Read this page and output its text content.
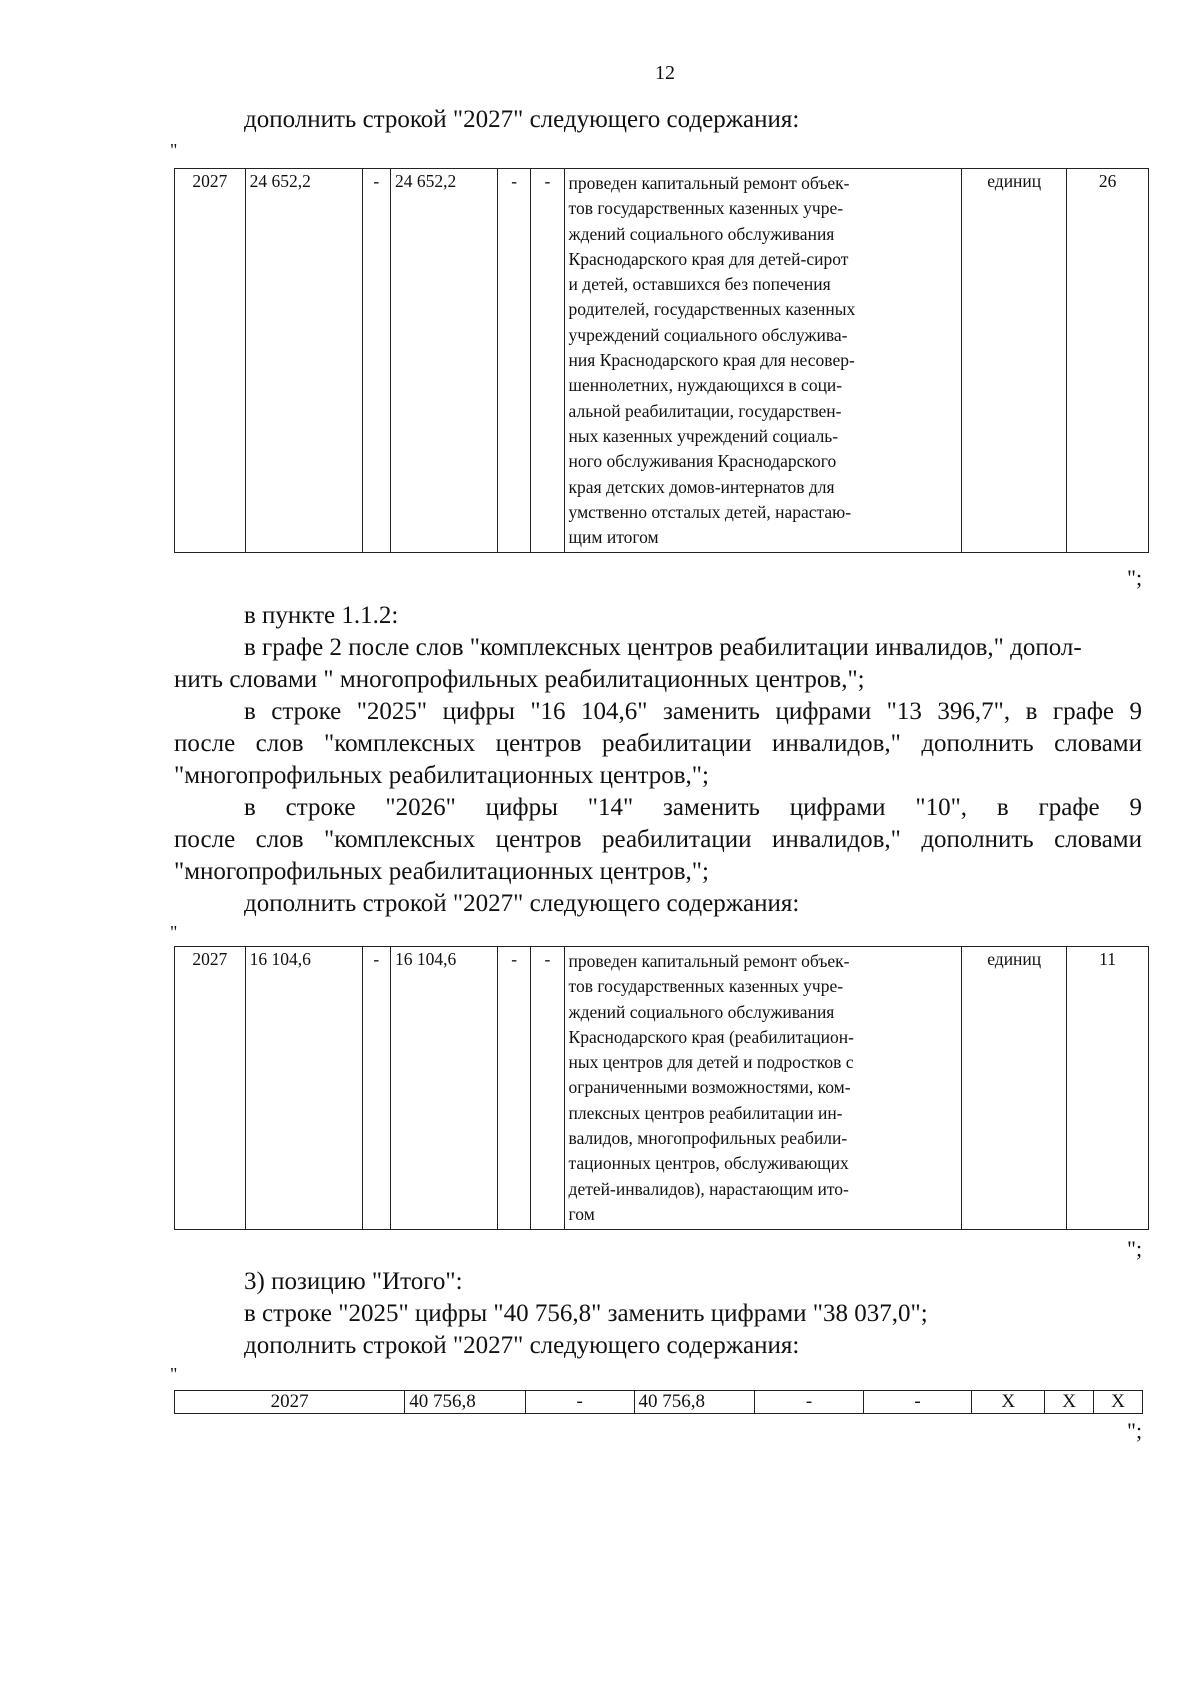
12
дополнить строкой "2027" следующего содержания:
"
2027	24 652,2	-	24 652,2	-	-	проведен капитальный ремонт объек-
тов государственных казенных учре-
ждений социального обслуживания
Краснодарского края для детей-сирот
и детей, оставшихся без попечения
родителей, государственных казенных
учреждений социального обслужива-
ния Краснодарского края для несовер-
шеннолетних, нуждающихся в соци-
альной реабилитации, государствен-
ных казенных учреждений социаль-
ного обслуживания Краснодарского
края детских домов-интернатов для
умственно отсталых детей, нарастаю-
щим итогом
	единиц	26
";
в пункте 1.1.2:
в графе 2 после слов "комплексных центров реабилитации инвалидов," допол-
нить словами " многопрофильных реабилитационных центров,";
в строке "2025" цифры "16 104,6" заменить цифрами "13 396,7", в графе 9
после слов "комплексных центров реабилитации инвалидов," дополнить словами
"многопрофильных реабилитационных центров,";
в строке "2026" цифры "14" заменить цифрами "10", в графе 9
после слов "комплексных центров реабилитации инвалидов," дополнить словами
"многопрофильных реабилитационных центров,";
дополнить строкой "2027" следующего содержания:
"
2027	16 104,6	-	16 104,6	-	-	проведен капитальный ремонт объек-
тов государственных казенных учре-
ждений социального обслуживания
Краснодарского края (реабилитацион-
ных центров для детей и подростков с
ограниченными возможностями, ком-
плексных центров реабилитации ин-
валидов, многопрофильных реабили-
тационных центров, обслуживающих
детей-инвалидов), нарастающим ито-
гом
	единиц	11
";
3) позицию "Итого":
в строке "2025" цифры "40 756,8" заменить цифрами "38 037,0";
дополнить строкой "2027" следующего содержания:
"
2027	40 756,8	-	40 756,8	-	-	X	X	X
";
